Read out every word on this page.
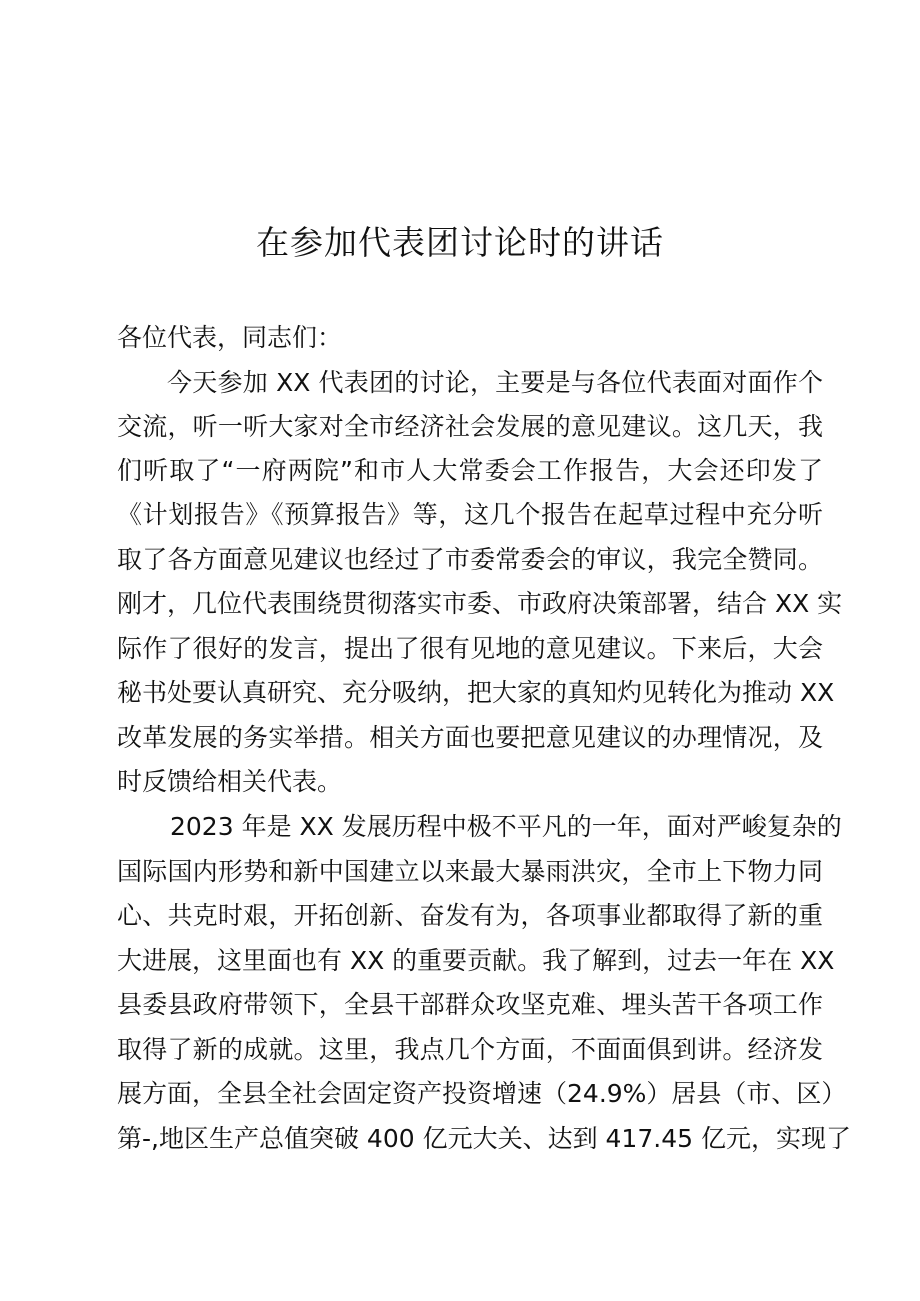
在参加代表团讨论时的讲话
各位代表，同志们：
今天参加 XX 代表团的讨论，主要是与各位代表面对面作个
交流，听一听大家对全市经济社会发展的意见建议。这几天，我
们听取了“一府两院”和市人大常委会工作报告，大会还印发了
《计划报告》《预算报告》等，这几个报告在起草过程中充分听
取了各方面意见建议也经过了市委常委会的审议，我完全赞同。
刚才，几位代表围绕贯彻落实市委、市政府决策部署，结合 XX 实
际作了很好的发言，提出了很有见地的意见建议。下来后，大会
秘书处要认真研究、充分吸纳，把大家的真知灼见转化为推动 XX
改革发展的务实举措。相关方面也要把意见建议的办理情况，及
时反馈给相关代表。
2023 年是 XX 发展历程中极不平凡的一年，面对严峻复杂的
国际国内形势和新中国建立以来最大暴雨洪灾，全市上下物力同
心、共克时艰，开拓创新、奋发有为，各项事业都取得了新的重
大进展，这里面也有 XX 的重要贡献。我了解到，过去一年在 XX
县委县政府带领下，全县干部群众攻坚克难、埋头苦干各项工作
取得了新的成就。这里，我点几个方面，不面面俱到讲。经济发
展方面，全县全社会固定资产投资增速（24.9%）居县（市、区）
第-,地区生产总值突破 400 亿元大关、达到 417.45 亿元，实现了
